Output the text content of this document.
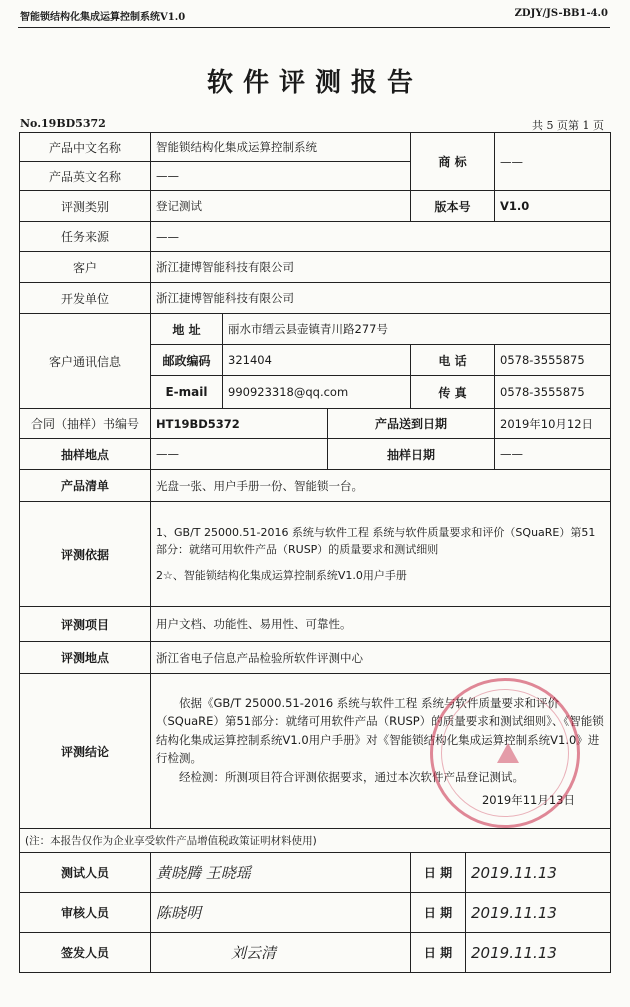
智能锁结构化集成运算控制系统V1.0	ZDJY/JS-BB1-4.0
软件评测报告
No.19BD5372	共 5 页第 1 页
产品中文名称	智能锁结构化集成运算控制系统			商 标		——
产品英文名称	——					
评测类别	登记测试			版本号		V1.0
任务来源	——					
客户	浙江捷博智能科技有限公司					
开发单位	浙江捷博智能科技有限公司					
客户通讯信息	地 址	丽水市缙云县壶镇青川路277号				
	邮政编码	321404		电 话		0578-3555875
	E-mail	990923318@qq.com		传 真		0578-3555875
合同（抽样）书编号	HT19BD5372		产品送到日期			2019年10月12日
抽样地点	——		抽样日期			——
产品清单	光盘一张、用户手册一份、智能锁一台。					
评测依据	1、GB/T 25000.51-2016 系统与软件工程 系统与软件质量要求和评价（SQuaRE）第51部分：就绪可用软件产品（RUSP）的质量要求和测试细则
2☆、智能锁结构化集成运算控制系统V1.0用户手册					

评测项目	用户文档、功能性、易用性、可靠性。					
评测地点	浙江省电子信息产品检验所软件评测中心					
评测结论	依据《GB/T 25000.51-2016 系统与软件工程 系统与软件质量要求和评价（SQuaRE）第51部分：就绪可用软件产品（RUSP）的质量要求和测试细则》、《智能锁结构化集成运算控制系统V1.0用户手册》对《智能锁结构化集成运算控制系统V1.0》进行检测。
经检测：所测项目符合评测依据要求，通过本次软件产品登记测试。
2019年11月13日					

(注：本报告仅作为企业享受软件产品增值税政策证明材料使用)						
测试人员	黄晓腾 王晓瑶			日 期	2019.11.13	
审核人员	陈晓明			日 期	2019.11.13	
签发人员	刘云清			日 期	2019.11.13	
